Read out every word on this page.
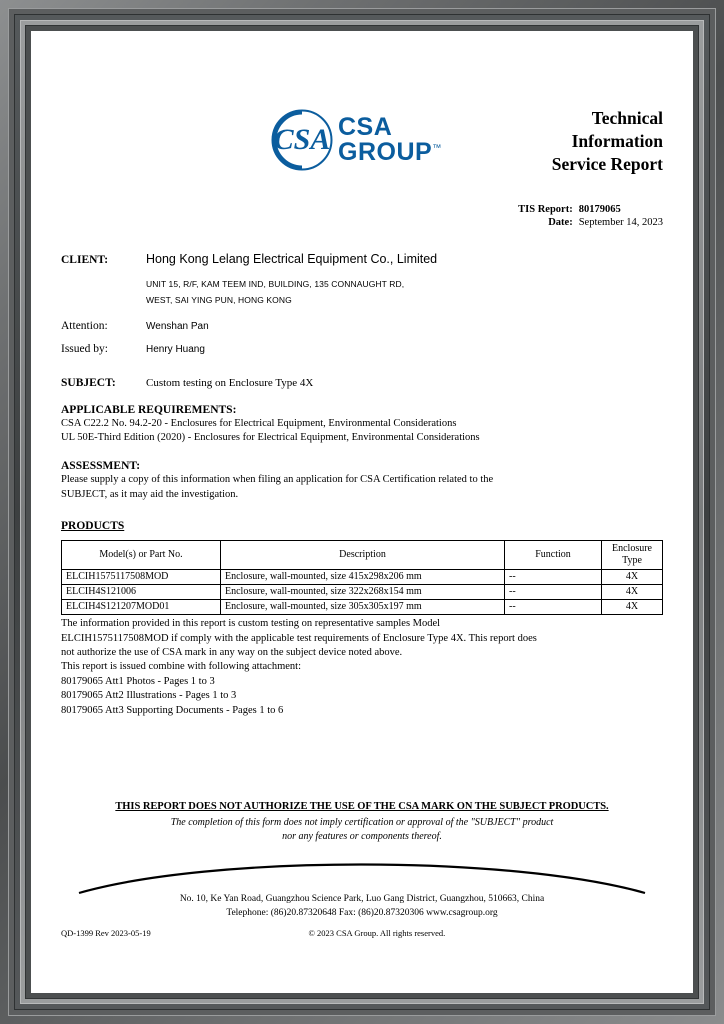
CSA CSA
GROUP™
Technical
Information
Service Report
TIS Report:	80179065
Date:	September 14, 2023
CLIENT:	Hong Kong Lelang Electrical Equipment Co., Limited
UNIT 15, R/F, KAM TEEM IND, BUILDING, 135 CONNAUGHT RD,
WEST, SAI YING PUN, HONG KONG
Attention:	Wenshan Pan
Issued by:	Henry Huang
SUBJECT:	Custom testing on Enclosure Type 4X
APPLICABLE REQUIREMENTS:
CSA C22.2 No. 94.2-20 - Enclosures for Electrical Equipment, Environmental Considerations
UL 50E-Third Edition (2020) - Enclosures for Electrical Equipment, Environmental Considerations
ASSESSMENT:
Please supply a copy of this information when filing an application for CSA Certification related to the
SUBJECT, as it may aid the investigation.
PRODUCTS
Model(s) or Part No.	Description	Function	Enclosure
Type
ELCIH1575117508MOD	Enclosure, wall-mounted, size 415x298x206 mm	--	4X
ELCIH4S121006	Enclosure, wall-mounted, size 322x268x154 mm	--	4X
ELCIH4S121207MOD01	Enclosure, wall-mounted, size 305x305x197 mm	--	4X
The information provided in this report is custom testing on representative samples Model
ELCIH1575117508MOD if comply with the applicable test requirements of Enclosure Type 4X. This report does
not authorize the use of CSA mark in any way on the subject device noted above.
This report is issued combine with following attachment:
80179065 Att1 Photos - Pages 1 to 3
80179065 Att2 Illustrations - Pages 1 to 3
80179065 Att3 Supporting Documents - Pages 1 to 6
THIS REPORT DOES NOT AUTHORIZE THE USE OF THE CSA MARK ON THE SUBJECT PRODUCTS.
The completion of this form does not imply certification or approval of the "SUBJECT" product
nor any features or components thereof.
No. 10, Ke Yan Road, Guangzhou Science Park, Luo Gang District, Guangzhou, 510663, China
Telephone: (86)20.87320648 Fax: (86)20.87320306 www.csagroup.org
QD-1399 Rev 2023-05-19	© 2023 CSA Group. All rights reserved.
